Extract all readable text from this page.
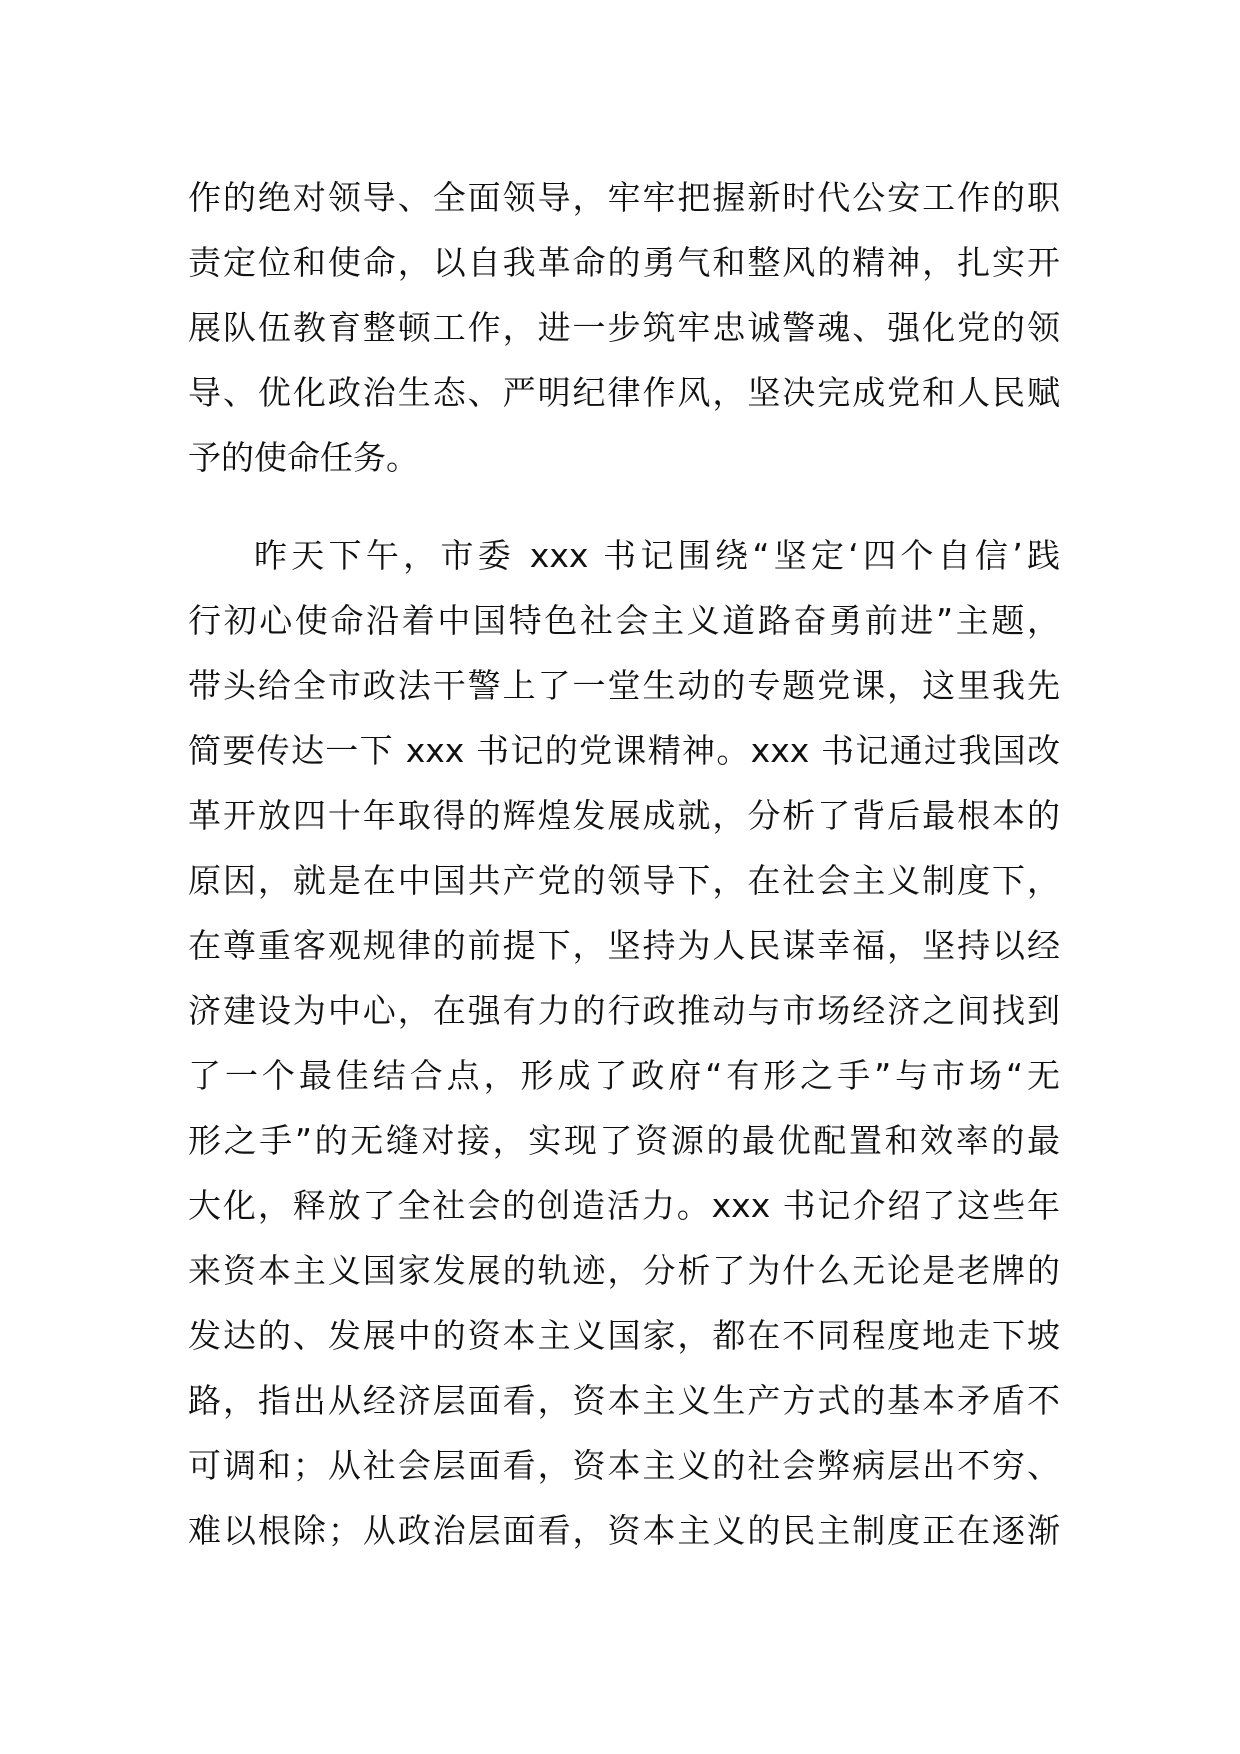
作的绝对领导、全面领导，牢牢把握新时代公安工作的职
责定位和使命，以自我革命的勇气和整风的精神，扎实开
展队伍教育整顿工作，进一步筑牢忠诚警魂、强化党的领
导、优化政治生态、严明纪律作风，坚决完成党和人民赋
予的使命任务。
昨天下午，市委 xxx 书记围绕“坚定‘四个自信’践
行初心使命沿着中国特色社会主义道路奋勇前进”主题，
带头给全市政法干警上了一堂生动的专题党课，这里我先
简要传达一下 xxx 书记的党课精神。xxx 书记通过我国改
革开放四十年取得的辉煌发展成就，分析了背后最根本的
原因，就是在中国共产党的领导下，在社会主义制度下，
在尊重客观规律的前提下，坚持为人民谋幸福，坚持以经
济建设为中心，在强有力的行政推动与市场经济之间找到
了一个最佳结合点，形成了政府“有形之手”与市场“无
形之手”的无缝对接，实现了资源的最优配置和效率的最
大化，释放了全社会的创造活力。xxx 书记介绍了这些年
来资本主义国家发展的轨迹，分析了为什么无论是老牌的
发达的、发展中的资本主义国家，都在不同程度地走下坡
路，指出从经济层面看，资本主义生产方式的基本矛盾不
可调和；从社会层面看，资本主义的社会弊病层出不穷、
难以根除；从政治层面看，资本主义的民主制度正在逐渐
